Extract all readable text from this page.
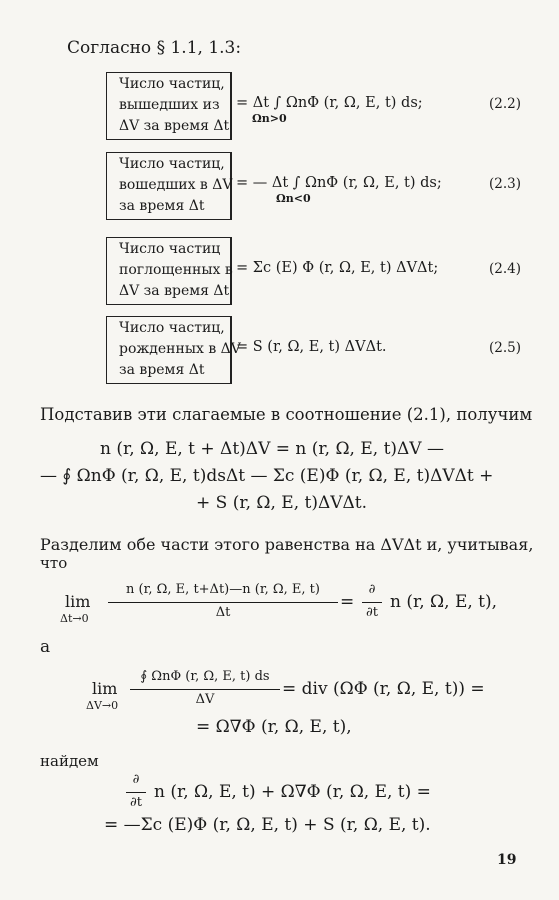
Согласно § 1.1, 1.3:
Число частиц,
вышедших из
ΔV за время Δt
= Δt ∫ ΩnΦ (r, Ω, E, t) ds;
Ωn>0
(2.2)
Число частиц,
вошедших в ΔV
за время Δt
= — Δt ∫ ΩnΦ (r, Ω, E, t) ds;
Ωn<0
(2.3)
Число частиц
поглощенных в
ΔV за время Δt
= Σc (E) Φ (r, Ω, E, t) ΔVΔt;	(2.4)
Число частиц,
рожденных в ΔV
за время Δt
= S (r, Ω, E, t) ΔVΔt.	(2.5)
Подставив эти слагаемые в соотношение (2.1), получим
n (r, Ω, E, t + Δt)ΔV = n (r, Ω, E, t)ΔV —
— ∮ ΩnΦ (r, Ω, E, t)dsΔt — Σc (E)Φ (r, Ω, E, t)ΔVΔt +
+ S (r, Ω, E, t)ΔVΔt.
Разделим обе части этого равенства на ΔVΔt и, учитывая,
что
lim
Δt→0
n (r, Ω, E, t+Δt)—n (r, Ω, E, t)
Δt
=
∂
∂t
n (r, Ω, E, t),
а
lim
ΔV→0
∮ ΩnΦ (r, Ω, E, t) ds
ΔV
= div (ΩΦ (r, Ω, E, t)) =
= Ω∇Φ (r, Ω, E, t),
найдем
∂
∂t
n (r, Ω, E, t) + Ω∇Φ (r, Ω, E, t) =
= —Σc (E)Φ (r, Ω, E, t) + S (r, Ω, E, t).
19
